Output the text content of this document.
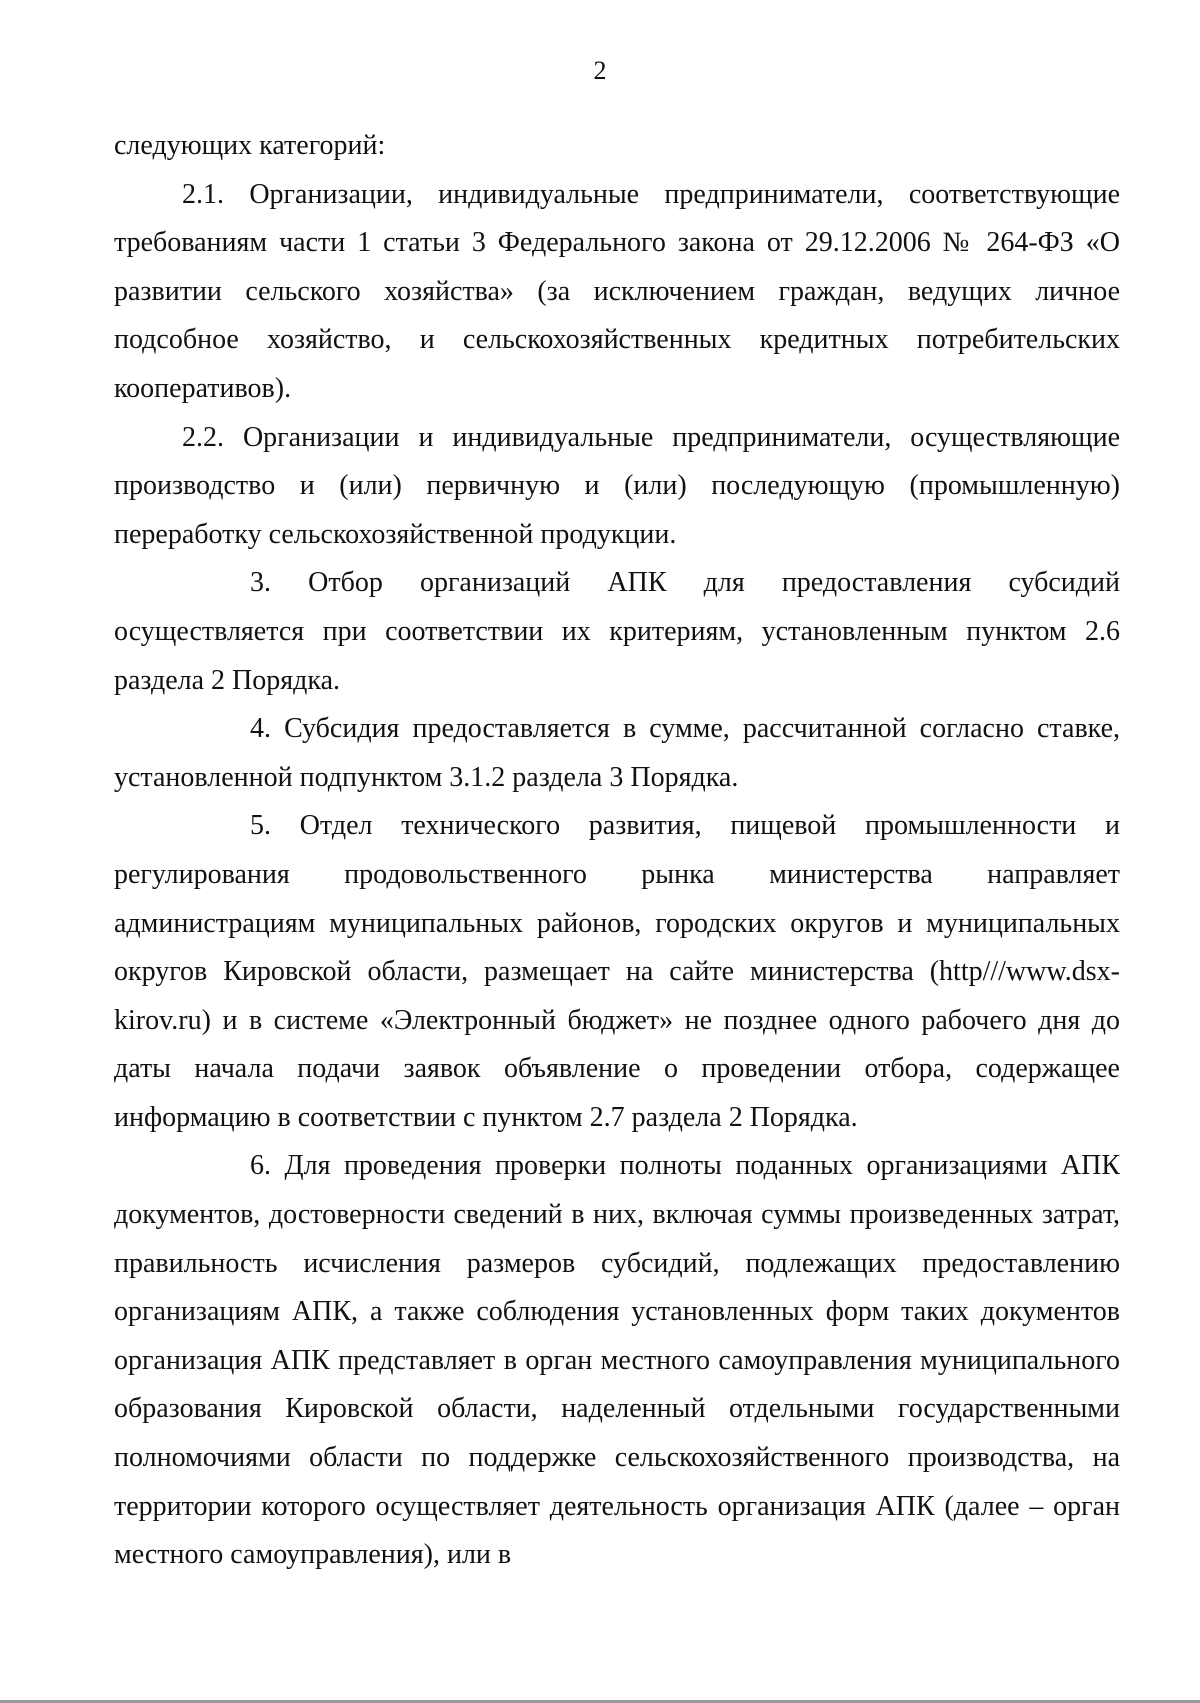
2

следующих категорий:

2.1. Организации, индивидуальные предприниматели, соответствующие требованиям части 1 статьи 3 Федерального закона от 29.12.2006 № 264-ФЗ «О развитии сельского хозяйства» (за исключением граждан, ведущих личное подсобное хозяйство, и сельскохозяйственных кредитных потребительских кооперативов).

2.2. Организации и индивидуальные предприниматели, осуществляющие производство и (или) первичную и (или) последующую (промышленную) переработку сельскохозяйственной продукции.

3. Отбор организаций АПК для предоставления субсидий осуществляется при соответствии их критериям, установленным пунктом 2.6 раздела 2 Порядка.

4. Субсидия предоставляется в сумме, рассчитанной согласно ставке, установленной подпунктом 3.1.2 раздела 3 Порядка.

5. Отдел технического развития, пищевой промышленности и регулирования продовольственного рынка министерства направляет администрациям муниципальных районов, городских округов и муниципальных округов Кировской области, размещает на сайте министерства (http///www.dsx-kirov.ru) и в системе «Электронный бюджет» не позднее одного рабочего дня до даты начала подачи заявок объявление о проведении отбора, содержащее информацию в соответствии с пунктом 2.7 раздела 2 Порядка.

6. Для проведения проверки полноты поданных организациями АПК документов, достоверности сведений в них, включая суммы произведенных затрат, правильность исчисления размеров субсидий, подлежащих предоставлению организациям АПК, а также соблюдения установленных форм таких документов организация АПК представляет в орган местного самоуправления муниципального образования Кировской области, наделенный отдельными государственными полномочиями области по поддержке сельскохозяйственного производства, на территории которого осуществляет деятельность организация АПК (далее – орган местного самоуправления), или в
